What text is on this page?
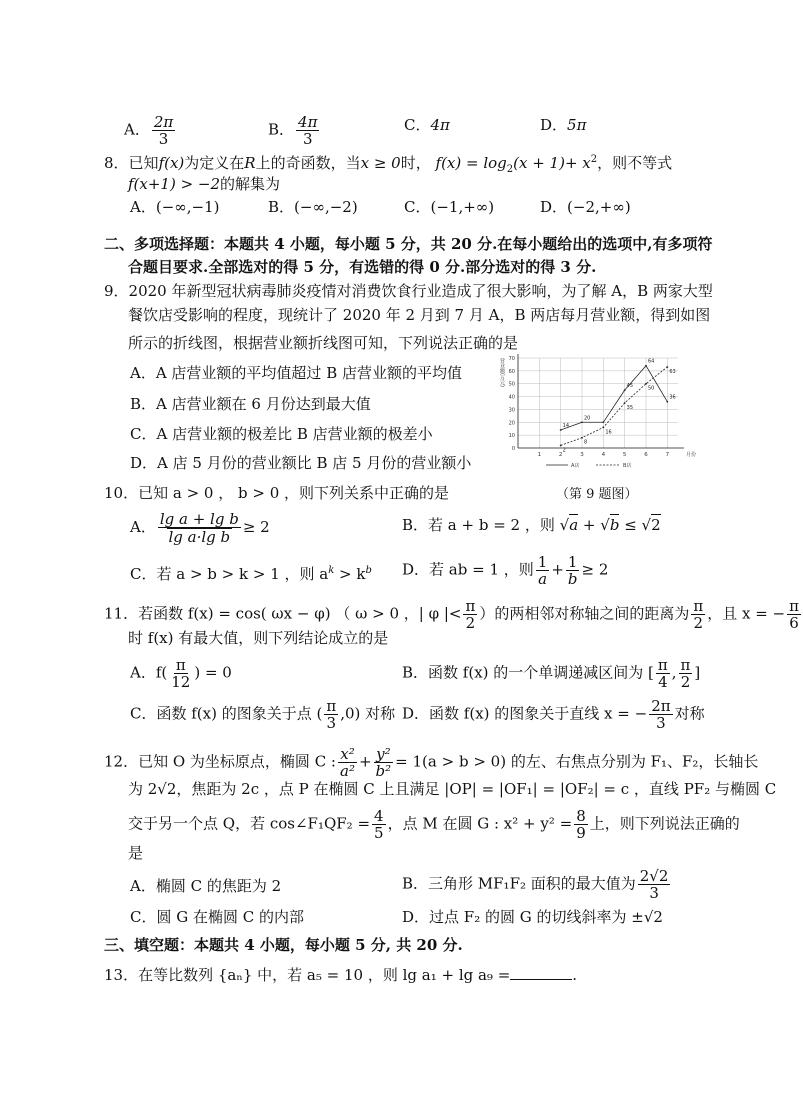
A． $\frac{2\pi}{3}$	B． $\frac{4\pi}{3}$	C．4π	D．5π
8．已知f(x)为定义在R上的奇函数，当x ≥ 0时， $f(x) = \log_2(x + 1)+ x^2$，则不等式
f(x+1) > −2的解集为
A．(−∞,−1)	B．(−∞,−2)	C．(−1,+∞)	D．(−2,+∞)
二、多项选择题：本题共 4 小题，每小题 5 分，共 20 分.在每小题给出的选项中,有多项符
合题目要求.全部选对的得 5 分，有选错的得 0 分.部分选对的得 3 分.
9．2020 年新型冠状病毒肺炎疫情对消费饮食行业造成了很大影响，为了解 A，B 两家大型
餐饮店受影响的程度，现统计了 2020 年 2 月到 7 月 A，B 两店每月营业额，得到如图
所示的折线图，根据营业额折线图可知，下列说法正确的是
A．A 店营业额的平均值超过 B 店营业额的平均值
B．A 店营业额在 6 月份达到最大值
C．A 店营业额的极差比 B 店营业额的极差小
D．A 店 5 月份的营业额比 B 店 5 月份的营业额小
0
10
20
30
40
50
60
70
1	2	3	4	5	6	7	月份
营业额(万元)
14
20
45
64
36
2
8
16
35
50
63
A店	B店
（第 9 题图）
10．已知 a > 0 ， b > 0 ，则下列关系中正确的是
A． $\frac{\text{lg a + lg b}}{\text{lg a·lg b}} \ge 2$	B．若 a + b = 2 ，则 √a + √b ≤ √2
C．若 a > b > k > 1 ，则 $a^k > k^b$ D．若 ab = 1 ，则 $\frac{1}{a} + \frac{1}{b} \ge 2$
11．若函数 f(x) = cos( ωx − φ) （ ω > 0 ，| φ |< $\frac{\pi}{2}$ ）的两相邻对称轴之间的距离为 $\frac{\pi}{2}$ ，且 x = − $\frac{\pi}{6}$
时 f(x) 有最大值，则下列结论成立的是
A．$f( \frac{\pi}{12}$ ) = 0	B．函数 f(x) 的一个单调递减区间为 [ $\frac{\pi}{4}$ , $\frac{\pi}{2}$ ]
C．函数 f(x) 的图象关于点 ( $\frac{\pi}{3} ,0$) 对称 D．函数 f(x) 的图象关于直线 x = − $\frac{2\pi}{3}$ 对称
12．已知 O 为坐标原点，椭圆 C : $\frac{\text{x²}}{\text{a²}} + \frac{\text{y²}}{\text{b²}} = 1(a > b > 0)$ 的左、右焦点分别为 F₁、F₂，长轴长
为 2√2，焦距为 2c ，点 P 在椭圆 C 上且满足 |OP| = |OF₁| = |OF₂| = c ，直线 PF₂ 与椭圆 C
交于另一个点 Q，若 cos∠F₁QF₂ = $\frac{4}{5}$ ，点 M 在圆 G : $x^2 + y^2 = \frac{8}{9}$ 上，则下列说法正确的
是
A．椭圆 C 的焦距为 2	B．三角形 MF₁F₂ 面积的最大值为 $\frac{2√2}{3}$
C．圆 G 在椭圆 C 的内部	D．过点 F₂ 的圆 G 的切线斜率为 ±√2
三、填空题：本题共 4 小题，每小题 5 分, 共 20 分.
13．在等比数列 {aₙ} 中，若 a₅ = 10 ，则 lg a₁ + lg a₉ =	.
